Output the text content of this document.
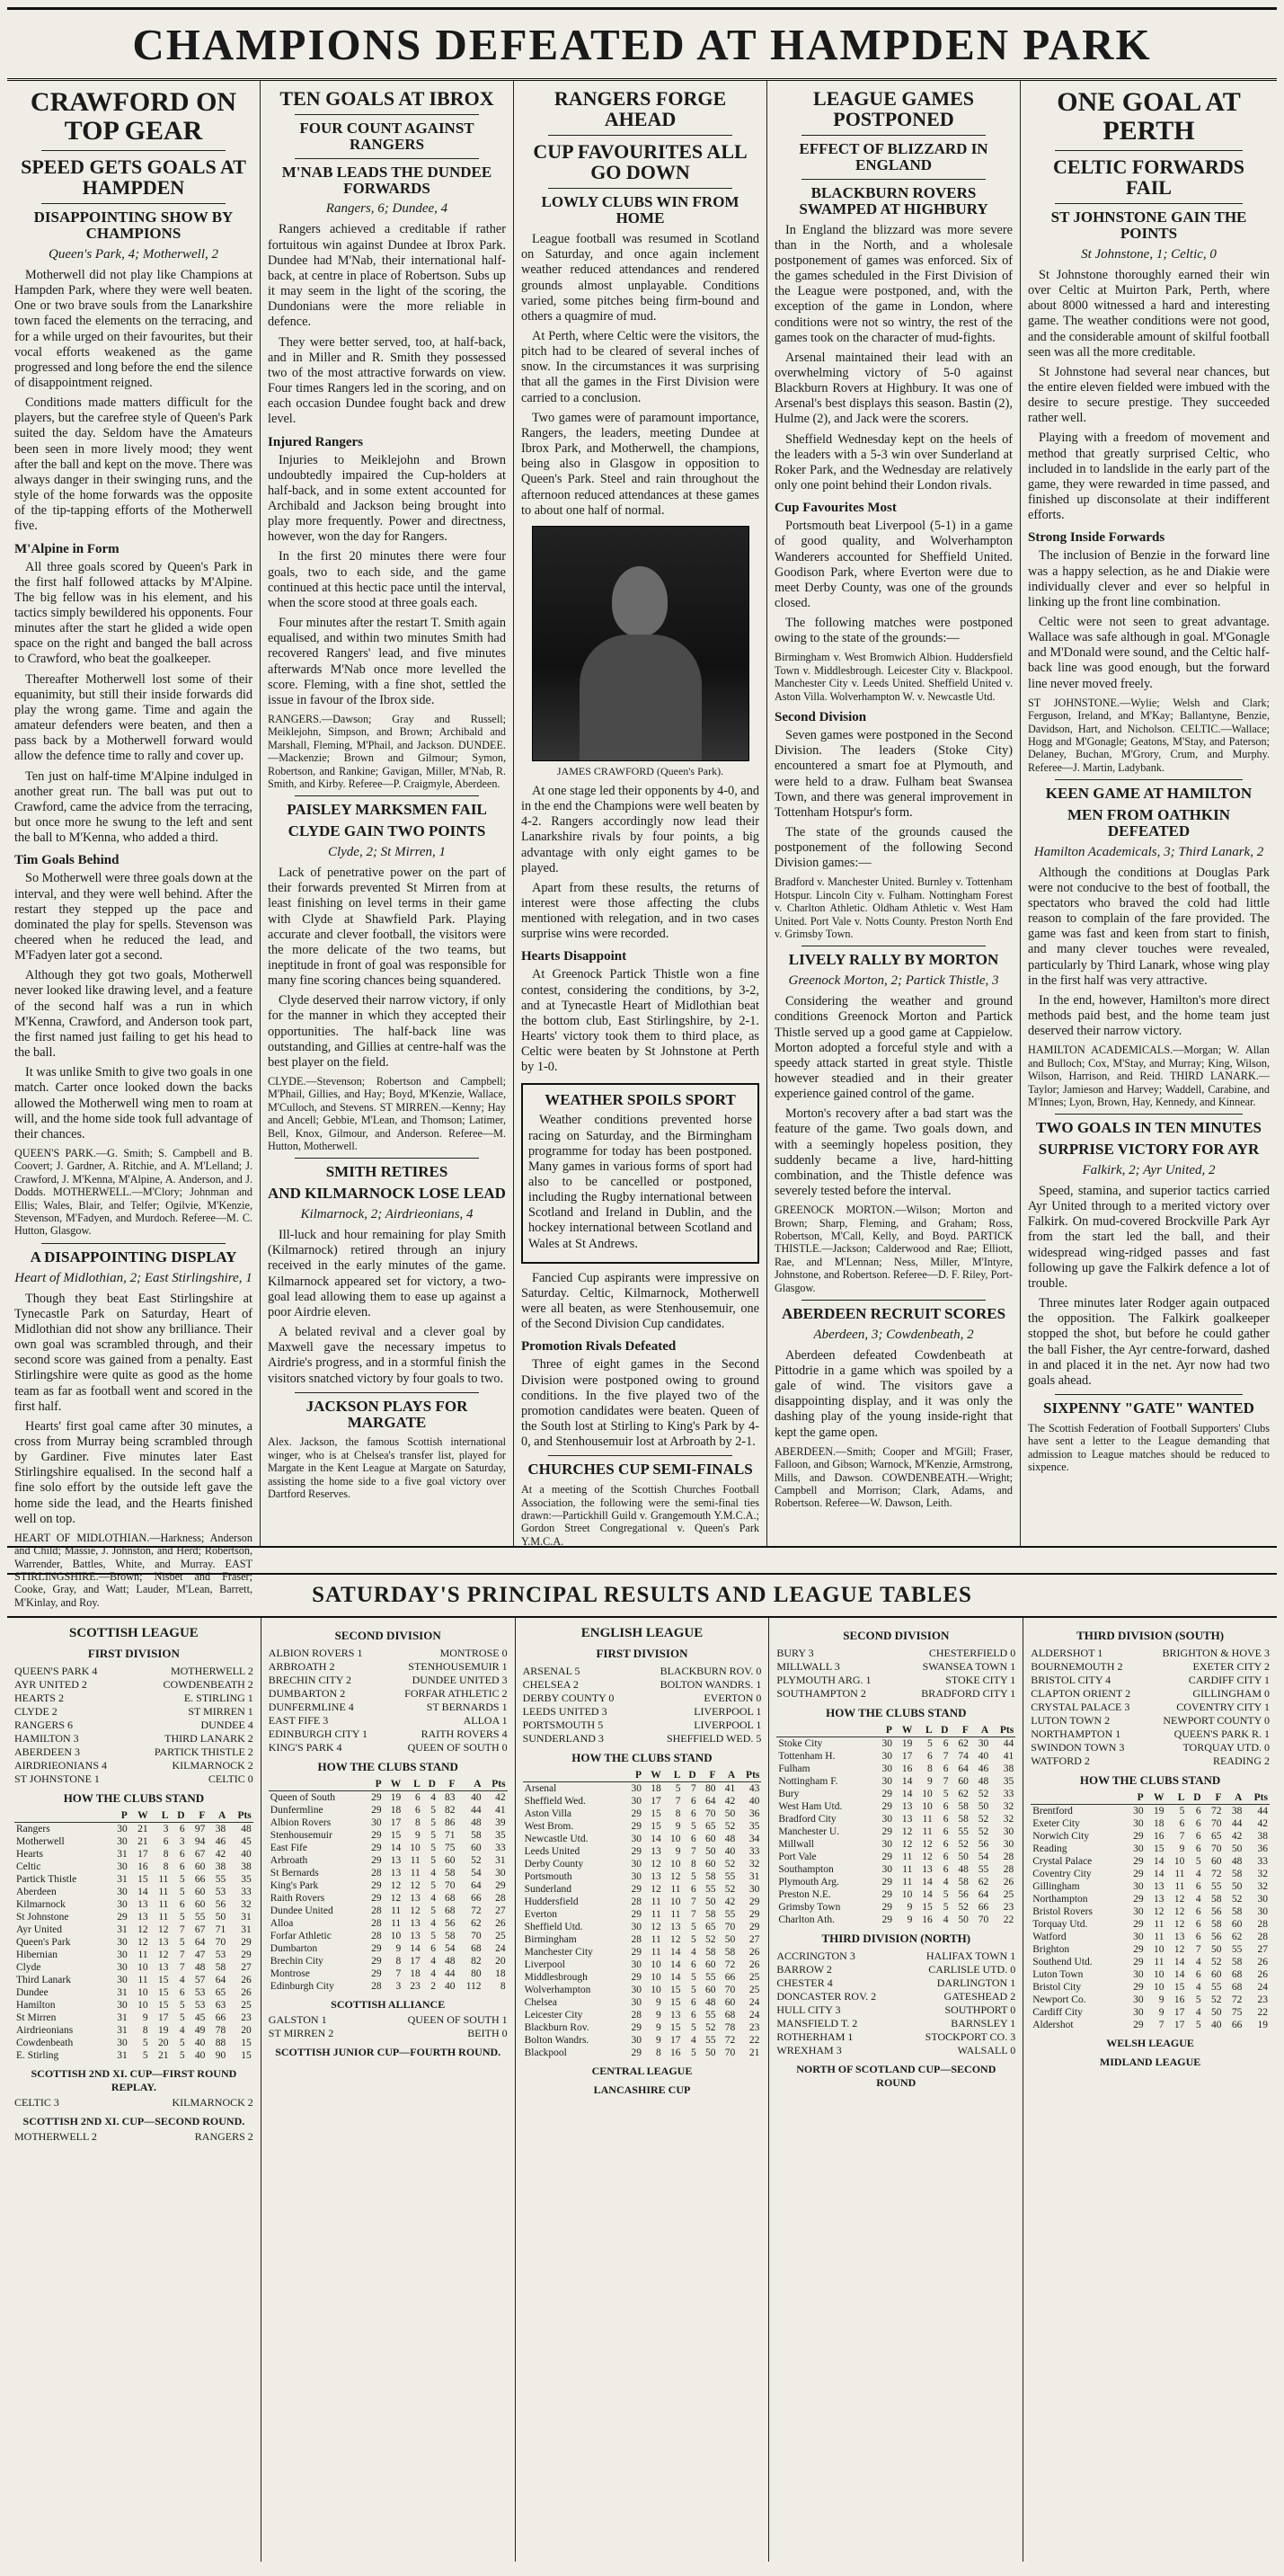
CHAMPIONS DEFEATED AT HAMPDEN PARK
CRAWFORD ON TOP GEAR
SPEED GETS GOALS AT HAMPDEN
DISAPPOINTING SHOW BY CHAMPIONS
Queen's Park, 4; Motherwell, 2

Motherwell did not play like Champions at Hampden Park, where they were well beaten. One or two brave souls from the Lanarkshire town faced the elements on the terracing, and for a while urged on their favourites, but their vocal efforts weakened as the game progressed and long before the end the silence of disappointment reigned.

Conditions made matters difficult for the players, but the carefree style of Queen's Park suited the day. Seldom have the Amateurs been seen in more lively mood; they went after the ball and kept on the move. There was always danger in their swinging runs, and the style of the home forwards was the opposite of the tip-tapping efforts of the Motherwell five.

M'Alpine in Form

All three goals scored by Queen's Park in the first half followed attacks by M'Alpine. The big fellow was in his element, and his tactics simply bewildered his opponents. Four minutes after the start he glided a wide open space on the right and banged the ball across to Crawford, who beat the goalkeeper.

Thereafter Motherwell lost some of their equanimity, but still their inside forwards did play the wrong game. Time and again the amateur defenders were beaten, and then a pass back by a Motherwell forward would allow the defence time to rally and cover up.

Ten just on half-time M'Alpine indulged in another great run. The ball was put out to Crawford, came the advice from the terracing, but once more he swung to the left and sent the ball to M'Kenna, who added a third.

Tim Goals Behind

So Motherwell were three goals down at the interval, and they were well behind. After the restart they stepped up the pace and dominated the play for spells. Stevenson was cheered when he reduced the lead, and M'Fadyen later got a second.

Although they got two goals, Motherwell never looked like drawing level, and a feature of the second half was a run in which M'Kenna, Crawford, and Anderson took part, the first named just failing to get his head to the ball.

It was unlike Smith to give two goals in one match. Carter once looked down the backs allowed the Motherwell wing men to roam at will, and the home side took full advantage of their chances.

QUEEN'S PARK.—G. Smith; S. Campbell and B. Coovert; J. Gardner, A. Ritchie, and A. M'Lelland; J. Crawford, J. M'Kenna, M'Alpine, A. Anderson, and J. Dodds. MOTHERWELL.—M'Clory; Johnman and Ellis; Wales, Blair, and Telfer; Ogilvie, M'Kenzie, Stevenson, M'Fadyen, and Murdoch. Referee—M. C. Hutton, Glasgow.

A DISAPPOINTING DISPLAY
Heart of Midlothian, 2; East Stirlingshire, 1

Though they beat East Stirlingshire at Tynecastle Park on Saturday, Heart of Midlothian did not show any brilliance. Their own goal was scrambled through, and their second score was gained from a penalty. East Stirlingshire were quite as good as the home team as far as football went and scored in the first half.

Hearts' first goal came after 30 minutes, a cross from Murray being scrambled through by Gardiner. Five minutes later East Stirlingshire equalised. In the second half a fine solo effort by the outside left gave the home side the lead, and the Hearts finished well on top.

HEART OF MIDLOTHIAN.—Harkness; Anderson and Child; Massie, J. Johnston, and Herd; Robertson, Warrender, Battles, White, and Murray. EAST STIRLINGSHIRE.—Brown; Nisbet and Fraser; Cooke, Gray, and Watt; Lauder, M'Lean, Barrett, M'Kinlay, and Roy.

TEN GOALS AT IBROX
FOUR COUNT AGAINST RANGERS
M'NAB LEADS THE DUNDEE FORWARDS
Rangers, 6; Dundee, 4

Rangers achieved a creditable if rather fortuitous win against Dundee at Ibrox Park. Dundee had M'Nab, their international half-back, at centre in place of Robertson. Subs up it may seem in the light of the scoring, the Dundonians were the more reliable in defence.

They were better served, too, at half-back, and in Miller and R. Smith they possessed two of the most attractive forwards on view. Four times Rangers led in the scoring, and on each occasion Dundee fought back and drew level.

Injured Rangers

Injuries to Meiklejohn and Brown undoubtedly impaired the Cup-holders at half-back, and in some extent accounted for Archibald and Jackson being brought into play more frequently. Power and directness, however, won the day for Rangers.

In the first 20 minutes there were four goals, two to each side, and the game continued at this hectic pace until the interval, when the score stood at three goals each.

Four minutes after the restart T. Smith again equalised, and within two minutes Smith had recovered Rangers' lead, and five minutes afterwards M'Nab once more levelled the score. Fleming, with a fine shot, settled the issue in favour of the Ibrox side.

RANGERS.—Dawson; Gray and Russell; Meiklejohn, Simpson, and Brown; Archibald and Marshall, Fleming, M'Phail, and Jackson. DUNDEE.—Mackenzie; Brown and Gilmour; Symon, Robertson, and Rankine; Gavigan, Miller, M'Nab, R. Smith, and Kirby. Referee—P. Craigmyle, Aberdeen.

PAISLEY MARKSMEN FAIL
CLYDE GAIN TWO POINTS
Clyde, 2; St Mirren, 1

Lack of penetrative power on the part of their forwards prevented St Mirren from at least finishing on level terms in their game with Clyde at Shawfield Park. Playing accurate and clever football, the visitors were the more delicate of the two teams, but ineptitude in front of goal was responsible for many fine scoring chances being squandered.

Clyde deserved their narrow victory, if only for the manner in which they accepted their opportunities. The half-back line was outstanding, and Gillies at centre-half was the best player on the field.

CLYDE.—Stevenson; Robertson and Campbell; M'Phail, Gillies, and Hay; Boyd, M'Kenzie, Wallace, M'Culloch, and Stevens. ST MIRREN.—Kenny; Hay and Ancell; Gebbie, M'Lean, and Thomson; Latimer, Bell, Knox, Gilmour, and Anderson. Referee—M. Hutton, Motherwell.

SMITH RETIRES
AND KILMARNOCK LOSE LEAD
Kilmarnock, 2; Airdrieonians, 4

Ill-luck and hour remaining for play Smith (Kilmarnock) retired through an injury received in the early minutes of the game. Kilmarnock appeared set for victory, a two-goal lead allowing them to ease up against a poor Airdrie eleven.

A belated revival and a clever goal by Maxwell gave the necessary impetus to Airdrie's progress, and in a stormful finish the visitors snatched victory by four goals to two.

JACKSON PLAYS FOR MARGATE

Alex. Jackson, the famous Scottish international winger, who is at Chelsea's transfer list, played for Margate in the Kent League at Margate on Saturday, assisting the home side to a five goal victory over Dartford Reserves.

RANGERS FORGE AHEAD
CUP FAVOURITES ALL GO DOWN
LOWLY CLUBS WIN FROM HOME

League football was resumed in Scotland on Saturday, and once again inclement weather reduced attendances and rendered grounds almost unplayable. Conditions varied, some pitches being firm-bound and others a quagmire of mud.

At Perth, where Celtic were the visitors, the pitch had to be cleared of several inches of snow. In the circumstances it was surprising that all the games in the First Division were carried to a conclusion.

Two games were of paramount importance, Rangers, the leaders, meeting Dundee at Ibrox Park, and Motherwell, the champions, being also in Glasgow in opposition to Queen's Park. Steel and rain throughout the afternoon reduced attendances at these games to about one half of normal.

JAMES CRAWFORD (Queen's Park).

At one stage led their opponents by 4-0, and in the end the Champions were well beaten by 4-2. Rangers accordingly now lead their Lanarkshire rivals by four points, a big advantage with only eight games to be played.

Apart from these results, the returns of interest were those affecting the clubs mentioned with relegation, and in two cases surprise wins were recorded.

Hearts Disappoint

At Greenock Partick Thistle won a fine contest, considering the conditions, by 3-2, and at Tynecastle Heart of Midlothian beat the bottom club, East Stirlingshire, by 2-1. Hearts' victory took them to third place, as Celtic were beaten by St Johnstone at Perth by 1-0.

WEATHER SPOILS SPORT

Weather conditions prevented horse racing on Saturday, and the Birmingham programme for today has been postponed. Many games in various forms of sport had also to be cancelled or postponed, including the Rugby international between Scotland and Ireland in Dublin, and the hockey international between Scotland and Wales at St Andrews.

Fancied Cup aspirants were impressive on Saturday. Celtic, Kilmarnock, Motherwell were all beaten, as were Stenhousemuir, one of the Second Division Cup candidates.

Promotion Rivals Defeated

Three of eight games in the Second Division were postponed owing to ground conditions. In the five played two of the promotion candidates were beaten. Queen of the South lost at Stirling to King's Park by 4-0, and Stenhousemuir lost at Arbroath by 2-1.

CHURCHES CUP SEMI-FINALS

At a meeting of the Scottish Churches Football Association, the following were the semi-final ties drawn:—Partickhill Guild v. Grangemouth Y.M.C.A.; Gordon Street Congregational v. Queen's Park Y.M.C.A.

LEAGUE GAMES POSTPONED
EFFECT OF BLIZZARD IN ENGLAND
BLACKBURN ROVERS SWAMPED AT HIGHBURY

In England the blizzard was more severe than in the North, and a wholesale postponement of games was enforced. Six of the games scheduled in the First Division of the League were postponed, and, with the exception of the game in London, where conditions were not so wintry, the rest of the games took on the character of mud-fights.

Arsenal maintained their lead with an overwhelming victory of 5-0 against Blackburn Rovers at Highbury. It was one of Arsenal's best displays this season. Bastin (2), Hulme (2), and Jack were the scorers.

Sheffield Wednesday kept on the heels of the leaders with a 5-3 win over Sunderland at Roker Park, and the Wednesday are relatively only one point behind their London rivals.

Cup Favourites Most

Portsmouth beat Liverpool (5-1) in a game of good quality, and Wolverhampton Wanderers accounted for Sheffield United. Goodison Park, where Everton were due to meet Derby County, was one of the grounds closed.

The following matches were postponed owing to the state of the grounds:—

Birmingham v. West Bromwich Albion. Huddersfield Town v. Middlesbrough. Leicester City v. Blackpool. Manchester City v. Leeds United. Sheffield United v. Aston Villa. Wolverhampton W. v. Newcastle Utd.

Second Division

Seven games were postponed in the Second Division. The leaders (Stoke City) encountered a smart foe at Plymouth, and were held to a draw. Fulham beat Swansea Town, and there was general improvement in Tottenham Hotspur's form.

The state of the grounds caused the postponement of the following Second Division games:—

Bradford v. Manchester United. Burnley v. Tottenham Hotspur. Lincoln City v. Fulham. Nottingham Forest v. Charlton Athletic. Oldham Athletic v. West Ham United. Port Vale v. Notts County. Preston North End v. Grimsby Town.

LIVELY RALLY BY MORTON
Greenock Morton, 2; Partick Thistle, 3

Considering the weather and ground conditions Greenock Morton and Partick Thistle served up a good game at Cappielow. Morton adopted a forceful style and with a speedy attack started in great style. Thistle however steadied and in their greater experience gained control of the game.

Morton's recovery after a bad start was the feature of the game. Two goals down, and with a seemingly hopeless position, they suddenly became a live, hard-hitting combination, and the Thistle defence was severely tested before the interval.

GREENOCK MORTON.—Wilson; Morton and Brown; Sharp, Fleming, and Graham; Ross, Robertson, M'Call, Kelly, and Boyd. PARTICK THISTLE.—Jackson; Calderwood and Rae; Elliott, Rae, and M'Lennan; Ness, Miller, M'Intyre, Johnstone, and Robertson. Referee—D. F. Riley, Port-Glasgow.

ABERDEEN RECRUIT SCORES
Aberdeen, 3; Cowdenbeath, 2

Aberdeen defeated Cowdenbeath at Pittodrie in a game which was spoiled by a gale of wind. The visitors gave a disappointing display, and it was only the dashing play of the young inside-right that kept the game open.

ABERDEEN.—Smith; Cooper and M'Gill; Fraser, Falloon, and Gibson; Warnock, M'Kenzie, Armstrong, Mills, and Dawson. COWDENBEATH.—Wright; Campbell and Morrison; Clark, Adams, and Robertson. Referee—W. Dawson, Leith.

ONE GOAL AT PERTH
CELTIC FORWARDS FAIL
ST JOHNSTONE GAIN THE POINTS
St Johnstone, 1; Celtic, 0

St Johnstone thoroughly earned their win over Celtic at Muirton Park, Perth, where about 8000 witnessed a hard and interesting game. The weather conditions were not good, and the considerable amount of skilful football seen was all the more creditable.

St Johnstone had several near chances, but the entire eleven fielded were imbued with the desire to secure prestige. They succeeded rather well.

Playing with a freedom of movement and method that greatly surprised Celtic, who included in to landslide in the early part of the game, they were rewarded in time passed, and finished up disconsolate at their indifferent efforts.

Strong Inside Forwards

The inclusion of Benzie in the forward line was a happy selection, as he and Diakie were individually clever and ever so helpful in linking up the front line combination.

Celtic were not seen to great advantage. Wallace was safe although in goal. M'Gonagle and M'Donald were sound, and the Celtic half-back line was good enough, but the forward line never moved freely.

ST JOHNSTONE.—Wylie; Welsh and Clark; Ferguson, Ireland, and M'Kay; Ballantyne, Benzie, Davidson, Hart, and Nicholson. CELTIC.—Wallace; Hogg and M'Gonagle; Geatons, M'Stay, and Paterson; Delaney, Buchan, M'Grory, Crum, and Murphy. Referee—J. Martin, Ladybank.

KEEN GAME AT HAMILTON
MEN FROM OATHKIN DEFEATED
Hamilton Academicals, 3; Third Lanark, 2

Although the conditions at Douglas Park were not conducive to the best of football, the spectators who braved the cold had little reason to complain of the fare provided. The game was fast and keen from start to finish, and many clever touches were revealed, particularly by Third Lanark, whose wing play in the first half was very attractive.

In the end, however, Hamilton's more direct methods paid best, and the home team just deserved their narrow victory.

HAMILTON ACADEMICALS.—Morgan; W. Allan and Bulloch; Cox, M'Stay, and Murray; King, Wilson, Wilson, Harrison, and Reid. THIRD LANARK.—Taylor; Jamieson and Harvey; Waddell, Carabine, and M'Innes; Lyon, Brown, Hay, Kennedy, and Kinnear.

TWO GOALS IN TEN MINUTES
SURPRISE VICTORY FOR AYR
Falkirk, 2; Ayr United, 2

Speed, stamina, and superior tactics carried Ayr United through to a merited victory over Falkirk. On mud-covered Brockville Park Ayr from the start led the ball, and their widespread wing-ridged passes and fast following up gave the Falkirk defence a lot of trouble.

Three minutes later Rodger again outpaced the opposition. The Falkirk goalkeeper stopped the shot, but before he could gather the ball Fisher, the Ayr centre-forward, dashed in and placed it in the net. Ayr now had two goals ahead.

SIXPENNY "GATE" WANTED

The Scottish Federation of Football Supporters' Clubs have sent a letter to the League demanding that admission to League matches should be reduced to sixpence.

SATURDAY'S PRINCIPAL RESULTS AND LEAGUE TABLES
SCOTTISH LEAGUE
FIRST DIVISION
QUEEN'S PARK 4	MOTHERWELL 2
AYR UNITED 2	COWDENBEATH 2
HEARTS 2	E. STIRLING 1
CLYDE 2	ST MIRREN 1
RANGERS 6	DUNDEE 4
HAMILTON 3	THIRD LANARK 2
ABERDEEN 3	PARTICK THISTLE 2
AIRDRIEONIANS 4	KILMARNOCK 2
ST JOHNSTONE 1	CELTIC 0
HOW THE CLUBS STAND
	P	W	L	D	F	A	Pts
Rangers	30	21	3	6	97	38	48
Motherwell	30	21	6	3	94	46	45
Hearts	31	17	8	6	67	42	40
Celtic	30	16	8	6	60	38	38
Partick Thistle	31	15	11	5	66	55	35
Aberdeen	30	14	11	5	60	53	33
Kilmarnock	30	13	11	6	60	56	32
St Johnstone	29	13	11	5	55	50	31
Ayr United	31	12	12	7	67	71	31
Queen's Park	30	12	13	5	64	70	29
Hibernian	30	11	12	7	47	53	29
Clyde	30	10	13	7	48	58	27
Third Lanark	30	11	15	4	57	64	26
Dundee	31	10	15	6	53	65	26
Hamilton	30	10	15	5	53	63	25
St Mirren	31	9	17	5	45	66	23
Airdrieonians	31	8	19	4	49	78	20
Cowdenbeath	30	5	20	5	40	88	15
E. Stirling	31	5	21	5	40	90	15
SCOTTISH 2ND XI. CUP—FIRST ROUND REPLAY.
CELTIC 3	KILMARNOCK 2
SCOTTISH 2ND XI. CUP—SECOND ROUND.
MOTHERWELL 2	RANGERS 2
SECOND DIVISION
ALBION ROVERS 1	MONTROSE 0
ARBROATH 2	STENHOUSEMUIR 1
BRECHIN CITY 2	DUNDEE UNITED 3
DUMBARTON 2	FORFAR ATHLETIC 2
DUNFERMLINE 4	ST BERNARDS 1
EAST FIFE 3	ALLOA 1
EDINBURGH CITY 1	RAITH ROVERS 4
KING'S PARK 4	QUEEN OF SOUTH 0
HOW THE CLUBS STAND
	P	W	L	D	F	A	Pts
Queen of South	29	19	6	4	83	40	42
Dunfermline	29	18	6	5	82	44	41
Albion Rovers	30	17	8	5	86	48	39
Stenhousemuir	29	15	9	5	71	58	35
East Fife	29	14	10	5	75	60	33
Arbroath	29	13	11	5	60	52	31
St Bernards	28	13	11	4	58	54	30
King's Park	29	12	12	5	70	64	29
Raith Rovers	29	12	13	4	68	66	28
Dundee United	28	11	12	5	68	72	27
Alloa	28	11	13	4	56	62	26
Forfar Athletic	28	10	13	5	58	70	25
Dumbarton	29	9	14	6	54	68	24
Brechin City	29	8	17	4	48	82	20
Montrose	29	7	18	4	44	80	18
Edinburgh City	28	3	23	2	40	112	8
SCOTTISH ALLIANCE
GALSTON 1	QUEEN OF SOUTH 1
ST MIRREN 2	BEITH 0
SCOTTISH JUNIOR CUP—FOURTH ROUND.
ENGLISH LEAGUE
FIRST DIVISION
ARSENAL 5	BLACKBURN ROV. 0
CHELSEA 2	BOLTON WANDRS. 1
DERBY COUNTY 0	EVERTON 0
LEEDS UNITED 3	LIVERPOOL 1
PORTSMOUTH 5	LIVERPOOL 1
SUNDERLAND 3	SHEFFIELD WED. 5
HOW THE CLUBS STAND
	P	W	L	D	F	A	Pts
Arsenal	30	18	5	7	80	41	43
Sheffield Wed.	30	17	7	6	64	42	40
Aston Villa	29	15	8	6	70	50	36
West Brom.	29	15	9	5	65	52	35
Newcastle Utd.	30	14	10	6	60	48	34
Leeds United	29	13	9	7	50	40	33
Derby County	30	12	10	8	60	52	32
Portsmouth	30	13	12	5	58	55	31
Sunderland	29	12	11	6	55	52	30
Huddersfield	28	11	10	7	50	42	29
Everton	29	11	11	7	58	55	29
Sheffield Utd.	30	12	13	5	65	70	29
Birmingham	28	11	12	5	52	50	27
Manchester City	29	11	14	4	58	58	26
Liverpool	30	10	14	6	60	72	26
Middlesbrough	29	10	14	5	55	66	25
Wolverhampton	30	10	15	5	60	70	25
Chelsea	30	9	15	6	48	60	24
Leicester City	28	9	13	6	55	68	24
Blackburn Rov.	29	9	15	5	52	78	23
Bolton Wandrs.	30	9	17	4	55	72	22
Blackpool	29	8	16	5	50	70	21
CENTRAL LEAGUE
LANCASHIRE CUP
SECOND DIVISION
BURY 3	CHESTERFIELD 0
MILLWALL 3	SWANSEA TOWN 1
PLYMOUTH ARG. 1	STOKE CITY 1
SOUTHAMPTON 2	BRADFORD CITY 1
HOW THE CLUBS STAND
	P	W	L	D	F	A	Pts
Stoke City	30	19	5	6	62	30	44
Tottenham H.	30	17	6	7	74	40	41
Fulham	30	16	8	6	64	46	38
Nottingham F.	30	14	9	7	60	48	35
Bury	29	14	10	5	62	52	33
West Ham Utd.	29	13	10	6	58	50	32
Bradford City	30	13	11	6	58	52	32
Manchester U.	29	12	11	6	55	52	30
Millwall	30	12	12	6	52	56	30
Port Vale	29	11	12	6	50	54	28
Southampton	30	11	13	6	48	55	28
Plymouth Arg.	29	11	14	4	58	62	26
Preston N.E.	29	10	14	5	56	64	25
Grimsby Town	29	9	15	5	52	66	23
Charlton Ath.	29	9	16	4	50	70	22
THIRD DIVISION (NORTH)
ACCRINGTON 3	HALIFAX TOWN 1
BARROW 2	CARLISLE UTD. 0
CHESTER 4	DARLINGTON 1
DONCASTER ROV. 2	GATESHEAD 2
HULL CITY 3	SOUTHPORT 0
MANSFIELD T. 2	BARNSLEY 1
ROTHERHAM 1	STOCKPORT CO. 3
WREXHAM 3	WALSALL 0
NORTH OF SCOTLAND CUP—SECOND ROUND
THIRD DIVISION (SOUTH)
ALDERSHOT 1	BRIGHTON & HOVE 3
BOURNEMOUTH 2	EXETER CITY 2
BRISTOL CITY 4	CARDIFF CITY 1
CLAPTON ORIENT 2	GILLINGHAM 0
CRYSTAL PALACE 3	COVENTRY CITY 1
LUTON TOWN 2	NEWPORT COUNTY 0
NORTHAMPTON 1	QUEEN'S PARK R. 1
SWINDON TOWN 3	TORQUAY UTD. 0
WATFORD 2	READING 2
HOW THE CLUBS STAND
	P	W	L	D	F	A	Pts
Brentford	30	19	5	6	72	38	44
Exeter City	30	18	6	6	70	44	42
Norwich City	29	16	7	6	65	42	38
Reading	30	15	9	6	70	50	36
Crystal Palace	29	14	10	5	60	48	33
Coventry City	29	14	11	4	72	58	32
Gillingham	30	13	11	6	55	50	32
Northampton	29	13	12	4	58	52	30
Bristol Rovers	30	12	12	6	56	58	30
Torquay Utd.	29	11	12	6	58	60	28
Watford	30	11	13	6	56	62	28
Brighton	29	10	12	7	50	55	27
Southend Utd.	29	11	14	4	52	58	26
Luton Town	30	10	14	6	60	68	26
Bristol City	29	10	15	4	55	68	24
Newport Co.	30	9	16	5	52	72	23
Cardiff City	30	9	17	4	50	75	22
Aldershot	29	7	17	5	40	66	19
WELSH LEAGUE
MIDLAND LEAGUE
